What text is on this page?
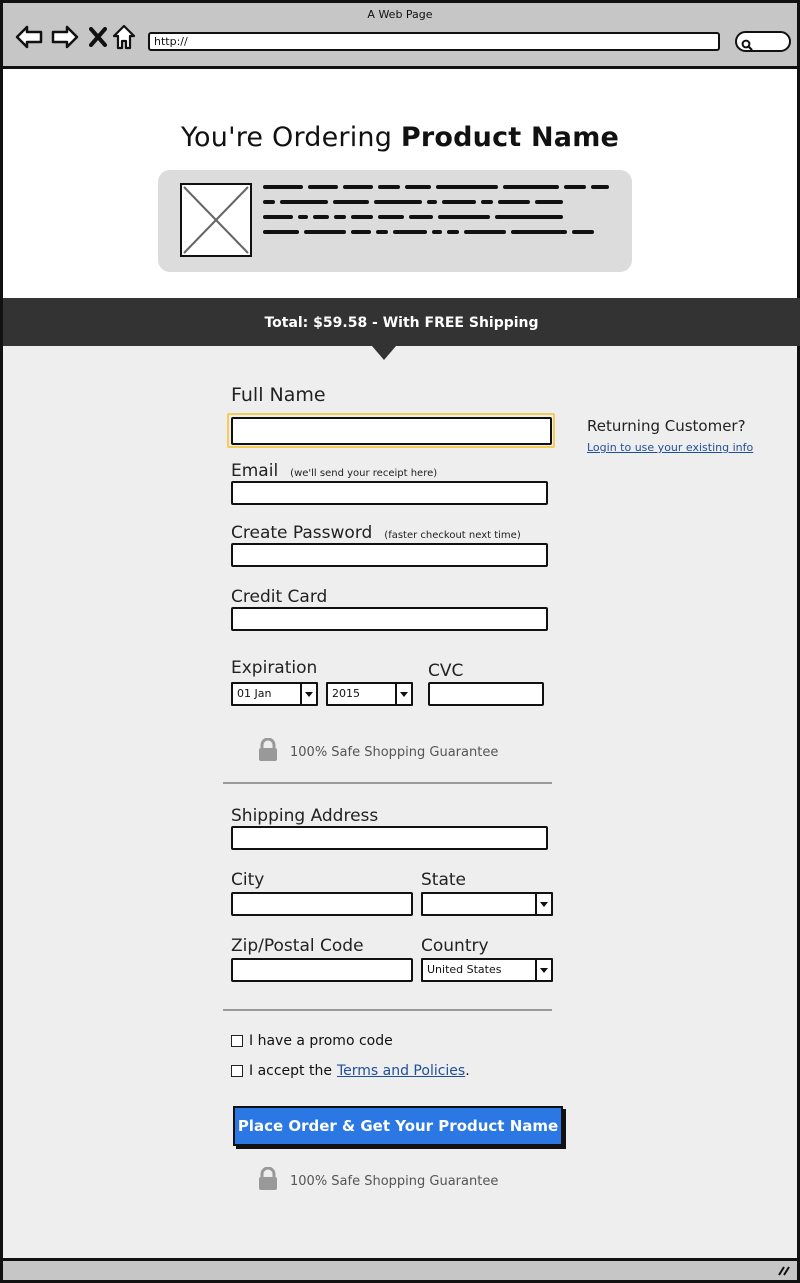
A Web Page
http://
You're Ordering Product Name
Total: $59.58 - With FREE Shipping
Full Name
Returning Customer?
Login to use your existing info
Email (we'll send your receipt here)
Create Password (faster checkout next time)
Credit Card
Expiration
01 Jan	2015
CVC
100% Safe Shopping Guarantee
Shipping Address
City	State
Zip/Postal Code	Country
United States
I have a promo code
I accept the Terms and Policies .
Place Order & Get Your Product Name
100% Safe Shopping Guarantee
